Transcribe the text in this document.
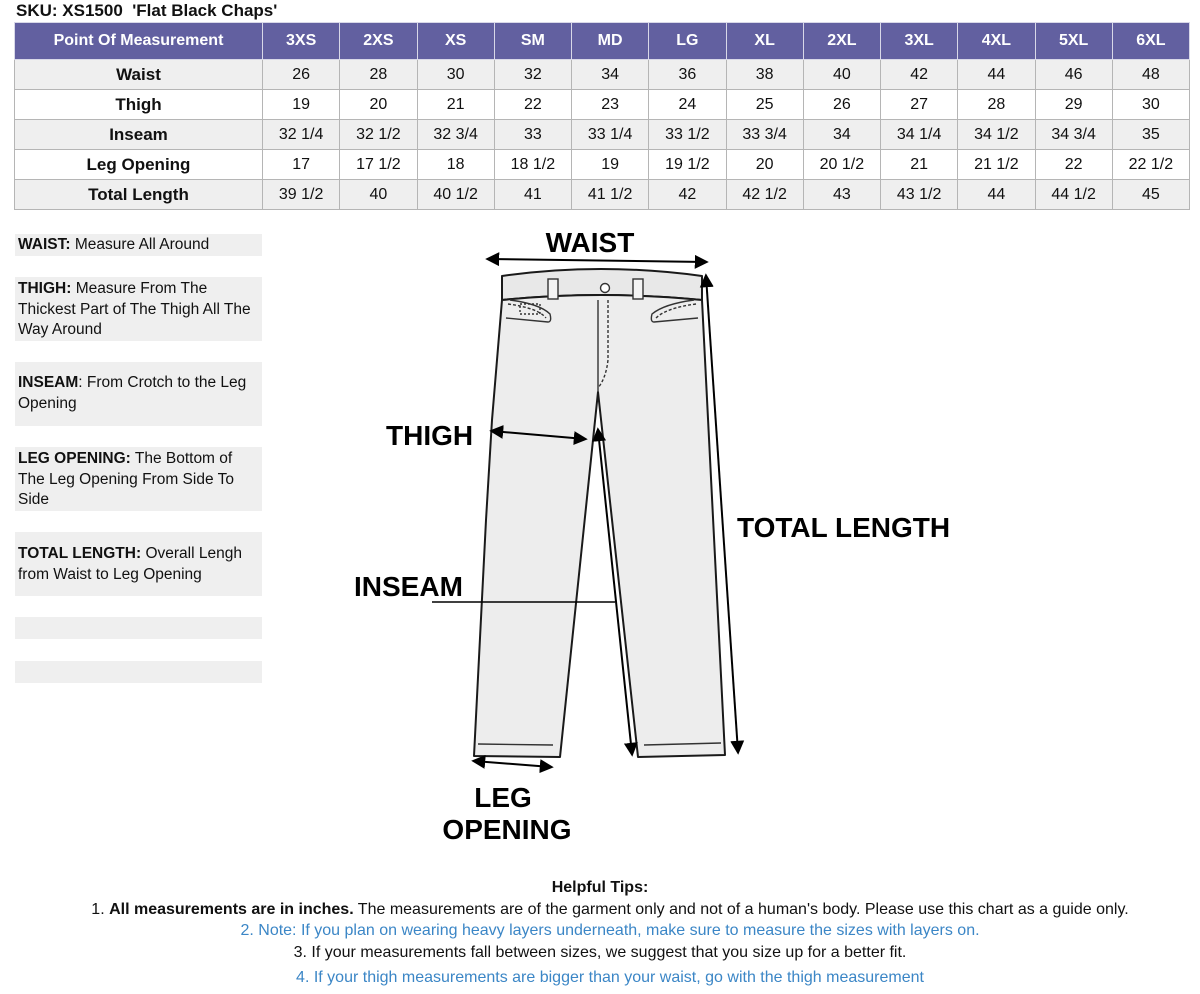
SKU: XS1500  'Flat Black Chaps'
Point Of Measurement	3XS	2XS	XS	SM	MD	LG	XL	2XL	3XL	4XL	5XL	6XL
Waist	26	28	30	32	34	36	38	40	42	44	46	48
Thigh	19	20	21	22	23	24	25	26	27	28	29	30
Inseam	32 1/4	32 1/2	32 3/4	33	33 1/4	33 1/2	33 3/4	34	34 1/4	34 1/2	34 3/4	35
Leg Opening	17	17 1/2	18	18 1/2	19	19 1/2	20	20 1/2	21	21 1/2	22	22 1/2
Total Length	39 1/2	40	40 1/2	41	41 1/2	42	42 1/2	43	43 1/2	44	44 1/2	45
WAIST: Measure All Around
THIGH: Measure From The Thickest Part of The Thigh All The Way Around
INSEAM: From Crotch to the Leg Opening
LEG OPENING: The Bottom of The Leg Opening From Side To Side
TOTAL LENGTH: Overall Lengh from Waist to Leg Opening
WAIST
THIGH
INSEAM
TOTAL LENGTH
LEG
OPENING
Helpful Tips:
1. All measurements are in inches. The measurements are of the garment only and not of a human's body. Please use this chart as a guide only.
2. Note: If you plan on wearing heavy layers underneath, make sure to measure the sizes with layers on.
3. If your measurements fall between sizes, we suggest that you size up for a better fit.
4. If your thigh measurements are bigger than your waist, go with the thigh measurement
